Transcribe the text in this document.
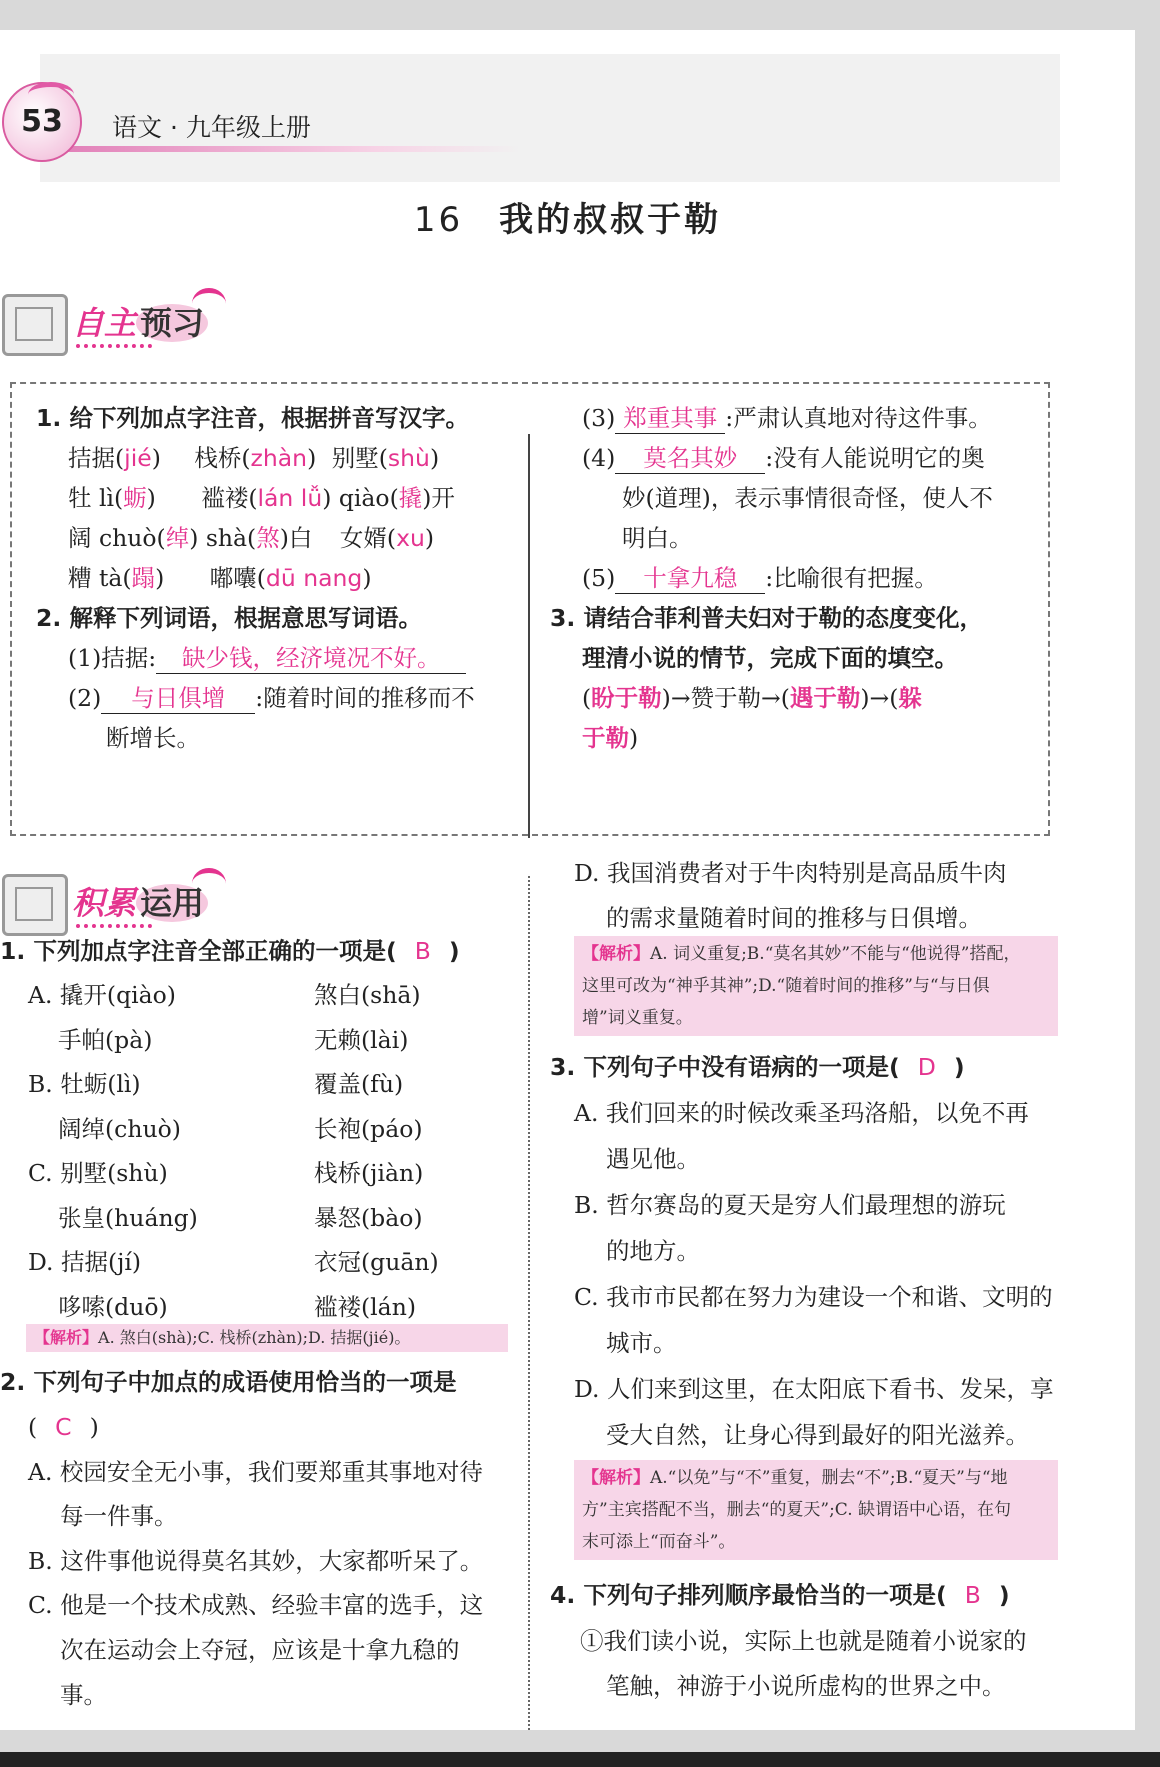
53	语文 · 九年级上册
16 我的叔叔于勒
自主 预习
1. 给下列加点字注音，根据拼音写汉字。
拮据(jié) 栈桥(zhàn) 别墅(shù)
牡 lì(蛎) 褴褛(lán lǚ) qiào(撬)开
阔 chuò(绰) shà(煞)白 女婿(xu)
糟 tà(蹋) 嘟囔(dū nang)
2. 解释下列词语，根据意思写词语。
(1)拮据: 缺少钱，经济境况不好。
(2) 与日俱增 :随着时间的推移而不
断增长。
(3) 郑重其事 :严肃认真地对待这件事。
(4) 莫名其妙 :没有人能说明它的奥
妙(道理)，表示事情很奇怪，使人不
明白。
(5) 十拿九稳 :比喻很有把握。
3. 请结合菲利普夫妇对于勒的态度变化，
理清小说的情节，完成下面的填空。
(盼于勒)→赞于勒→(遇于勒)→(躲
于勒)
积累 运用
1. 下列加点字注音全部正确的一项是( B )
A. 撬开(qiào)	煞白(shā)
手帕(pà)	无赖(lài)
B. 牡蛎(lì)	覆盖(fù)
阔绰(chuò)	长袍(páo)
C. 别墅(shù)	栈桥(jiàn)
张皇(huáng)	暴怒(bào)
D. 拮据(jí)	衣冠(guān)
哆嗦(duō)	褴褛(lán)
【解析】A. 煞白(shà);C. 栈桥(zhàn);D. 拮据(jié)。
2. 下列句子中加点的成语使用恰当的一项是
( C )
A. 校园安全无小事，我们要郑重其事地对待
每一件事。
B. 这件事他说得莫名其妙，大家都听呆了。
C. 他是一个技术成熟、经验丰富的选手，这
次在运动会上夺冠，应该是十拿九稳的
事。
D. 我国消费者对于牛肉特别是高品质牛肉
的需求量随着时间的推移与日俱增。
【解析】A. 词义重复;B.“莫名其妙”不能与“他说得”搭配，
这里可改为“神乎其神”;D.“随着时间的推移”与“与日俱
增”词义重复。
3. 下列句子中没有语病的一项是( D )
A. 我们回来的时候改乘圣玛洛船，以免不再
遇见他。
B. 哲尔赛岛的夏天是穷人们最理想的游玩
的地方。
C. 我市市民都在努力为建设一个和谐、文明的
城市。
D. 人们来到这里，在太阳底下看书、发呆，享
受大自然，让身心得到最好的阳光滋养。
【解析】A.“以免”与“不”重复，删去“不”;B.“夏天”与“地
方”主宾搭配不当，删去“的夏天”;C. 缺谓语中心语，在句
末可添上“而奋斗”。
4. 下列句子排列顺序最恰当的一项是( B )
①我们读小说，实际上也就是随着小说家的
笔触，神游于小说所虚构的世界之中。
